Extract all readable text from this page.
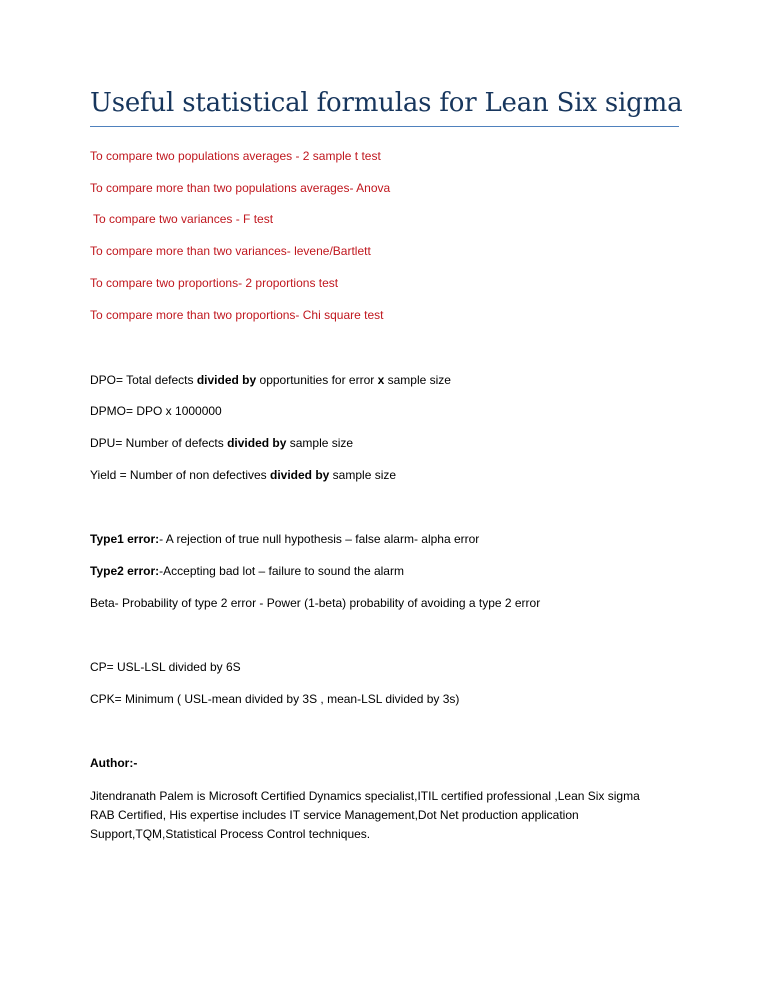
Useful statistical formulas for Lean Six sigma

To compare two populations averages - 2 sample t test

To compare more than two populations averages- Anova

To compare two variances - F test

To compare more than two variances- levene/Bartlett

To compare two proportions- 2 proportions test

To compare more than two proportions- Chi square test

DPO= Total defects divided by opportunities for error x sample size

DPMO= DPO x 1000000

DPU= Number of defects divided by sample size

Yield = Number of non defectives divided by sample size

Type1 error:- A rejection of true null hypothesis – false alarm- alpha error

Type2 error:-Accepting bad lot – failure to sound the alarm

Beta- Probability of type 2 error - Power (1-beta) probability of avoiding a type 2 error

CP= USL-LSL divided by 6S

CPK= Minimum ( USL-mean divided by 3S , mean-LSL divided by 3s)

Author:-

Jitendranath Palem is Microsoft Certified Dynamics specialist,ITIL certified professional ,Lean Six sigma
RAB Certified, His expertise includes IT service Management,Dot Net production application
Support,TQM,Statistical Process Control techniques.
